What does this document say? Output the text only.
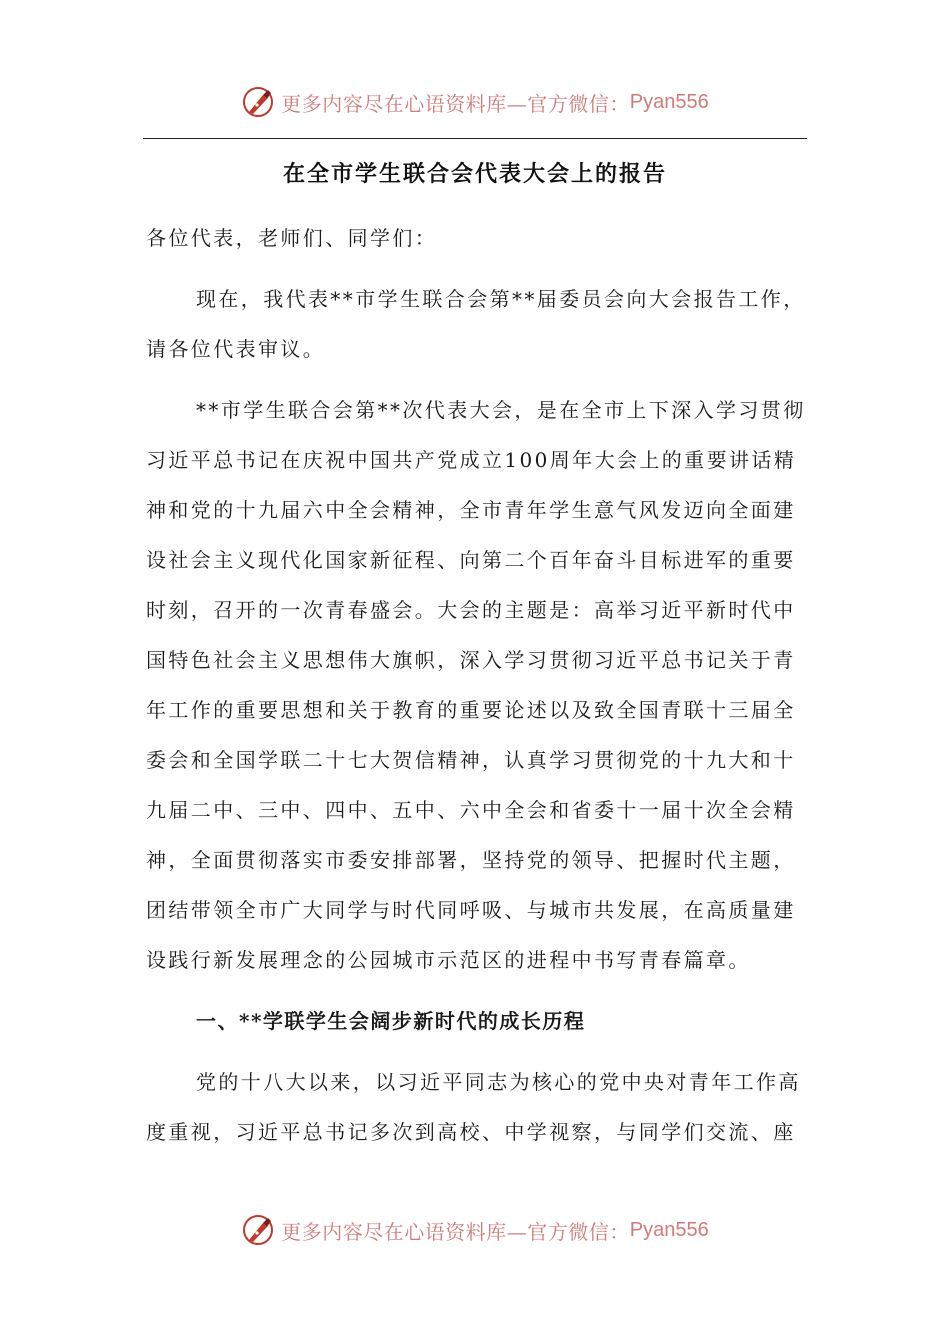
更多内容尽在心语资料库—官方微信： Pyan556
在全市学生联合会代表大会上的报告
各位代表，老师们、同学们：
现在，我代表**市学生联合会第**届委员会向大会报告工作，
请各位代表审议。
**市学生联合会第**次代表大会，是在全市上下深入学习贯彻
习近平总书记在庆祝中国共产党成立100周年大会上的重要讲话精
神和党的十九届六中全会精神，全市青年学生意气风发迈向全面建
设社会主义现代化国家新征程、向第二个百年奋斗目标进军的重要
时刻，召开的一次青春盛会。大会的主题是：高举习近平新时代中
国特色社会主义思想伟大旗帜，深入学习贯彻习近平总书记关于青
年工作的重要思想和关于教育的重要论述以及致全国青联十三届全
委会和全国学联二十七大贺信精神，认真学习贯彻党的十九大和十
九届二中、三中、四中、五中、六中全会和省委十一届十次全会精
神，全面贯彻落实市委安排部署，坚持党的领导、把握时代主题，
团结带领全市广大同学与时代同呼吸、与城市共发展，在高质量建
设践行新发展理念的公园城市示范区的进程中书写青春篇章。
一、**学联学生会阔步新时代的成长历程
党的十八大以来，以习近平同志为核心的党中央对青年工作高
度重视，习近平总书记多次到高校、中学视察，与同学们交流、座
更多内容尽在心语资料库—官方微信： Pyan556
